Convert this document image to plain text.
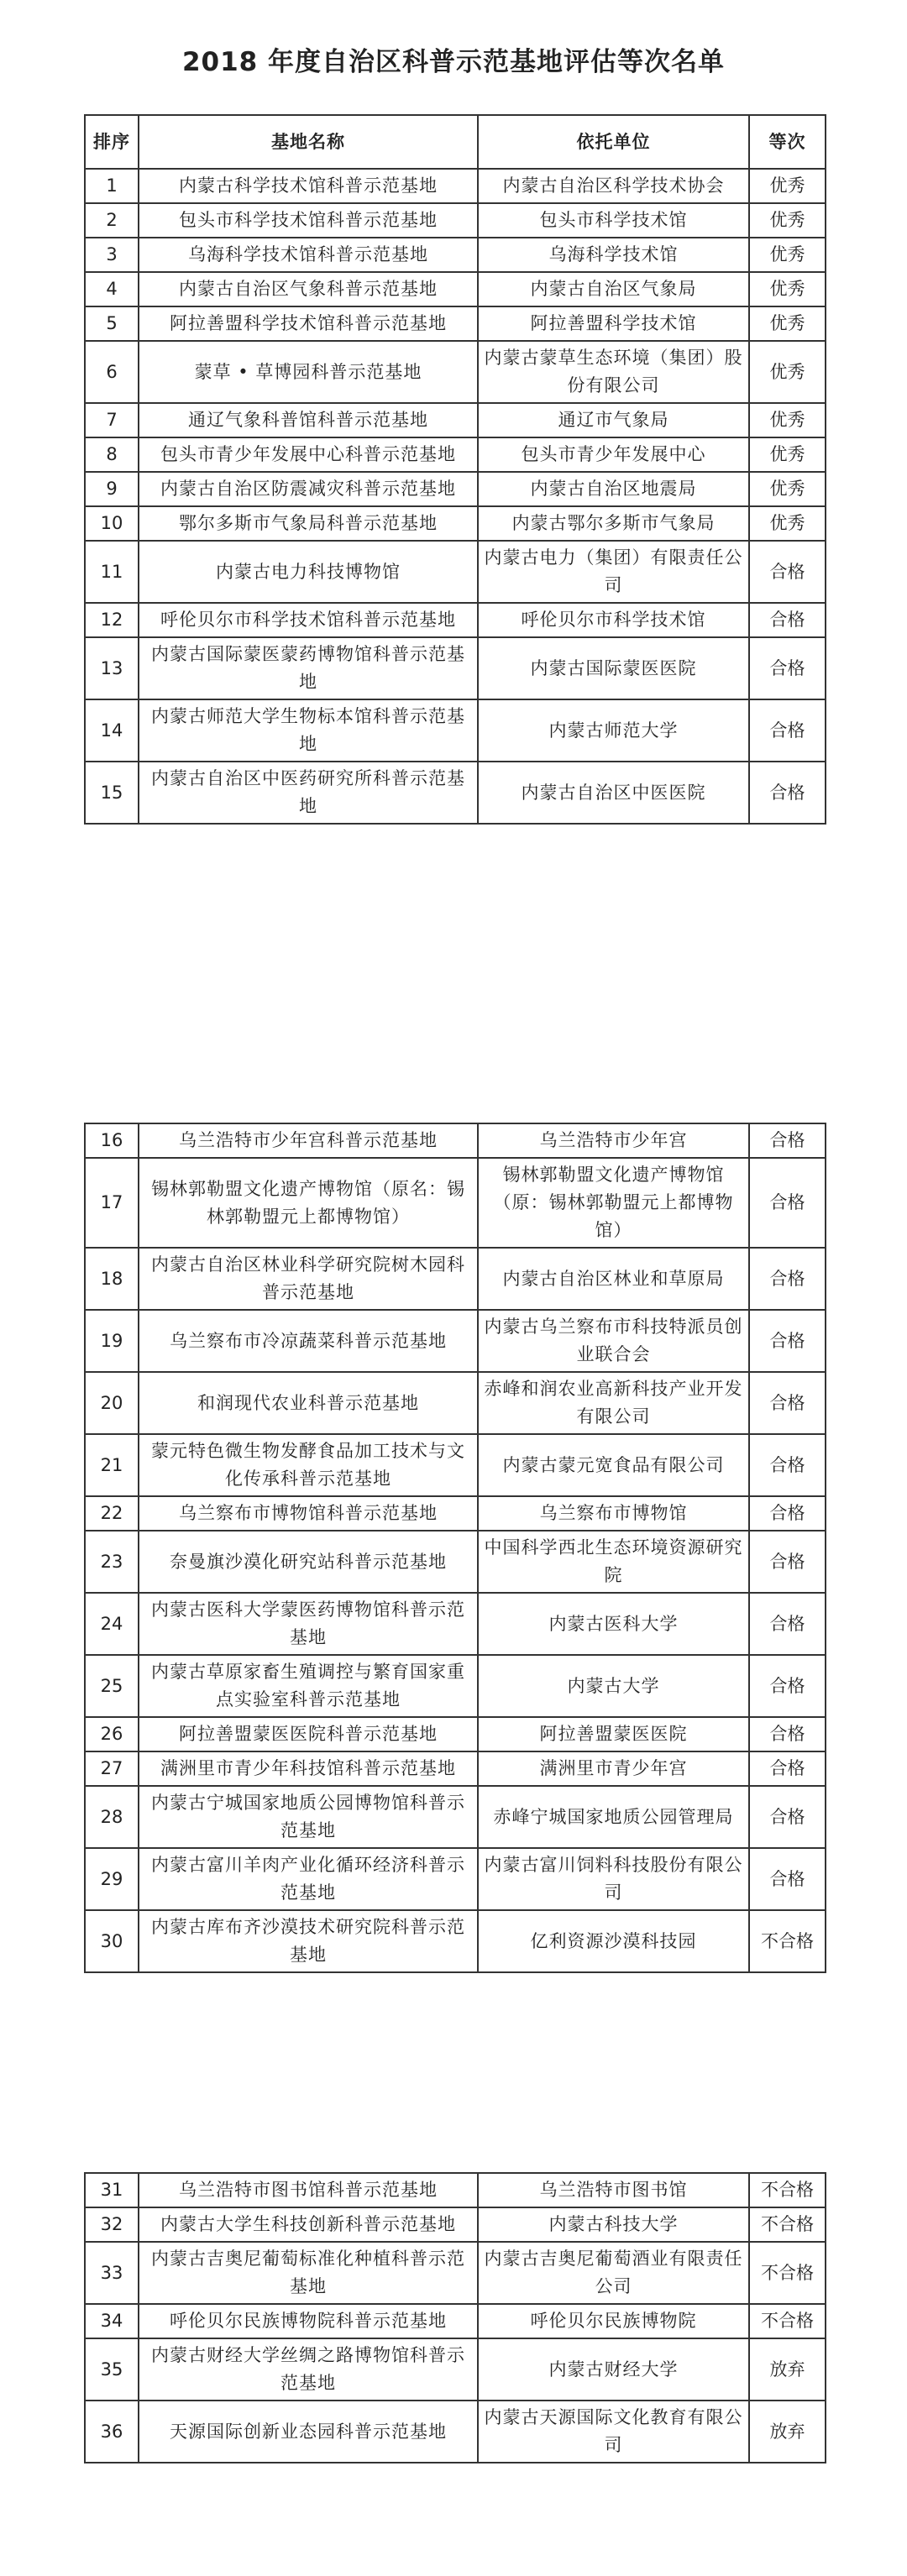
2018 年度自治区科普示范基地评估等次名单
排序	基地名称	依托单位	等次
1	内蒙古科学技术馆科普示范基地	内蒙古自治区科学技术协会	优秀
2	包头市科学技术馆科普示范基地	包头市科学技术馆	优秀
3	乌海科学技术馆科普示范基地	乌海科学技术馆	优秀
4	内蒙古自治区气象科普示范基地	内蒙古自治区气象局	优秀
5	阿拉善盟科学技术馆科普示范基地	阿拉善盟科学技术馆	优秀
6	蒙草 • 草博园科普示范基地	内蒙古蒙草生态环境（集团）股份有限公司	优秀
7	通辽气象科普馆科普示范基地	通辽市气象局	优秀
8	包头市青少年发展中心科普示范基地	包头市青少年发展中心	优秀
9	内蒙古自治区防震减灾科普示范基地	内蒙古自治区地震局	优秀
10	鄂尔多斯市气象局科普示范基地	内蒙古鄂尔多斯市气象局	优秀
11	内蒙古电力科技博物馆	内蒙古电力（集团）有限责任公司	合格
12	呼伦贝尔市科学技术馆科普示范基地	呼伦贝尔市科学技术馆	合格
13	内蒙古国际蒙医蒙药博物馆科普示范基地	内蒙古国际蒙医医院	合格
14	内蒙古师范大学生物标本馆科普示范基地	内蒙古师范大学	合格
15	内蒙古自治区中医药研究所科普示范基地	内蒙古自治区中医医院	合格
16	乌兰浩特市少年宫科普示范基地	乌兰浩特市少年宫	合格
17	锡林郭勒盟文化遗产博物馆（原名：锡林郭勒盟元上都博物馆）	锡林郭勒盟文化遗产博物馆（原：锡林郭勒盟元上都博物馆）	合格
18	内蒙古自治区林业科学研究院树木园科普示范基地	内蒙古自治区林业和草原局	合格
19	乌兰察布市冷凉蔬菜科普示范基地	内蒙古乌兰察布市科技特派员创业联合会	合格
20	和润现代农业科普示范基地	赤峰和润农业高新科技产业开发有限公司	合格
21	蒙元特色微生物发酵食品加工技术与文化传承科普示范基地	内蒙古蒙元宽食品有限公司	合格
22	乌兰察布市博物馆科普示范基地	乌兰察布市博物馆	合格
23	奈曼旗沙漠化研究站科普示范基地	中国科学西北生态环境资源研究院	合格
24	内蒙古医科大学蒙医药博物馆科普示范基地	内蒙古医科大学	合格
25	内蒙古草原家畜生殖调控与繁育国家重点实验室科普示范基地	内蒙古大学	合格
26	阿拉善盟蒙医医院科普示范基地	阿拉善盟蒙医医院	合格
27	满洲里市青少年科技馆科普示范基地	满洲里市青少年宫	合格
28	内蒙古宁城国家地质公园博物馆科普示范基地	赤峰宁城国家地质公园管理局	合格
29	内蒙古富川羊肉产业化循环经济科普示范基地	内蒙古富川饲料科技股份有限公司	合格
30	内蒙古库布齐沙漠技术研究院科普示范基地	亿利资源沙漠科技园	不合格
31	乌兰浩特市图书馆科普示范基地	乌兰浩特市图书馆	不合格
32	内蒙古大学生科技创新科普示范基地	内蒙古科技大学	不合格
33	内蒙古吉奥尼葡萄标准化种植科普示范基地	内蒙古吉奥尼葡萄酒业有限责任公司	不合格
34	呼伦贝尔民族博物院科普示范基地	呼伦贝尔民族博物院	不合格
35	内蒙古财经大学丝绸之路博物馆科普示范基地	内蒙古财经大学	放弃
36	天源国际创新业态园科普示范基地	内蒙古天源国际文化教育有限公司	放弃
